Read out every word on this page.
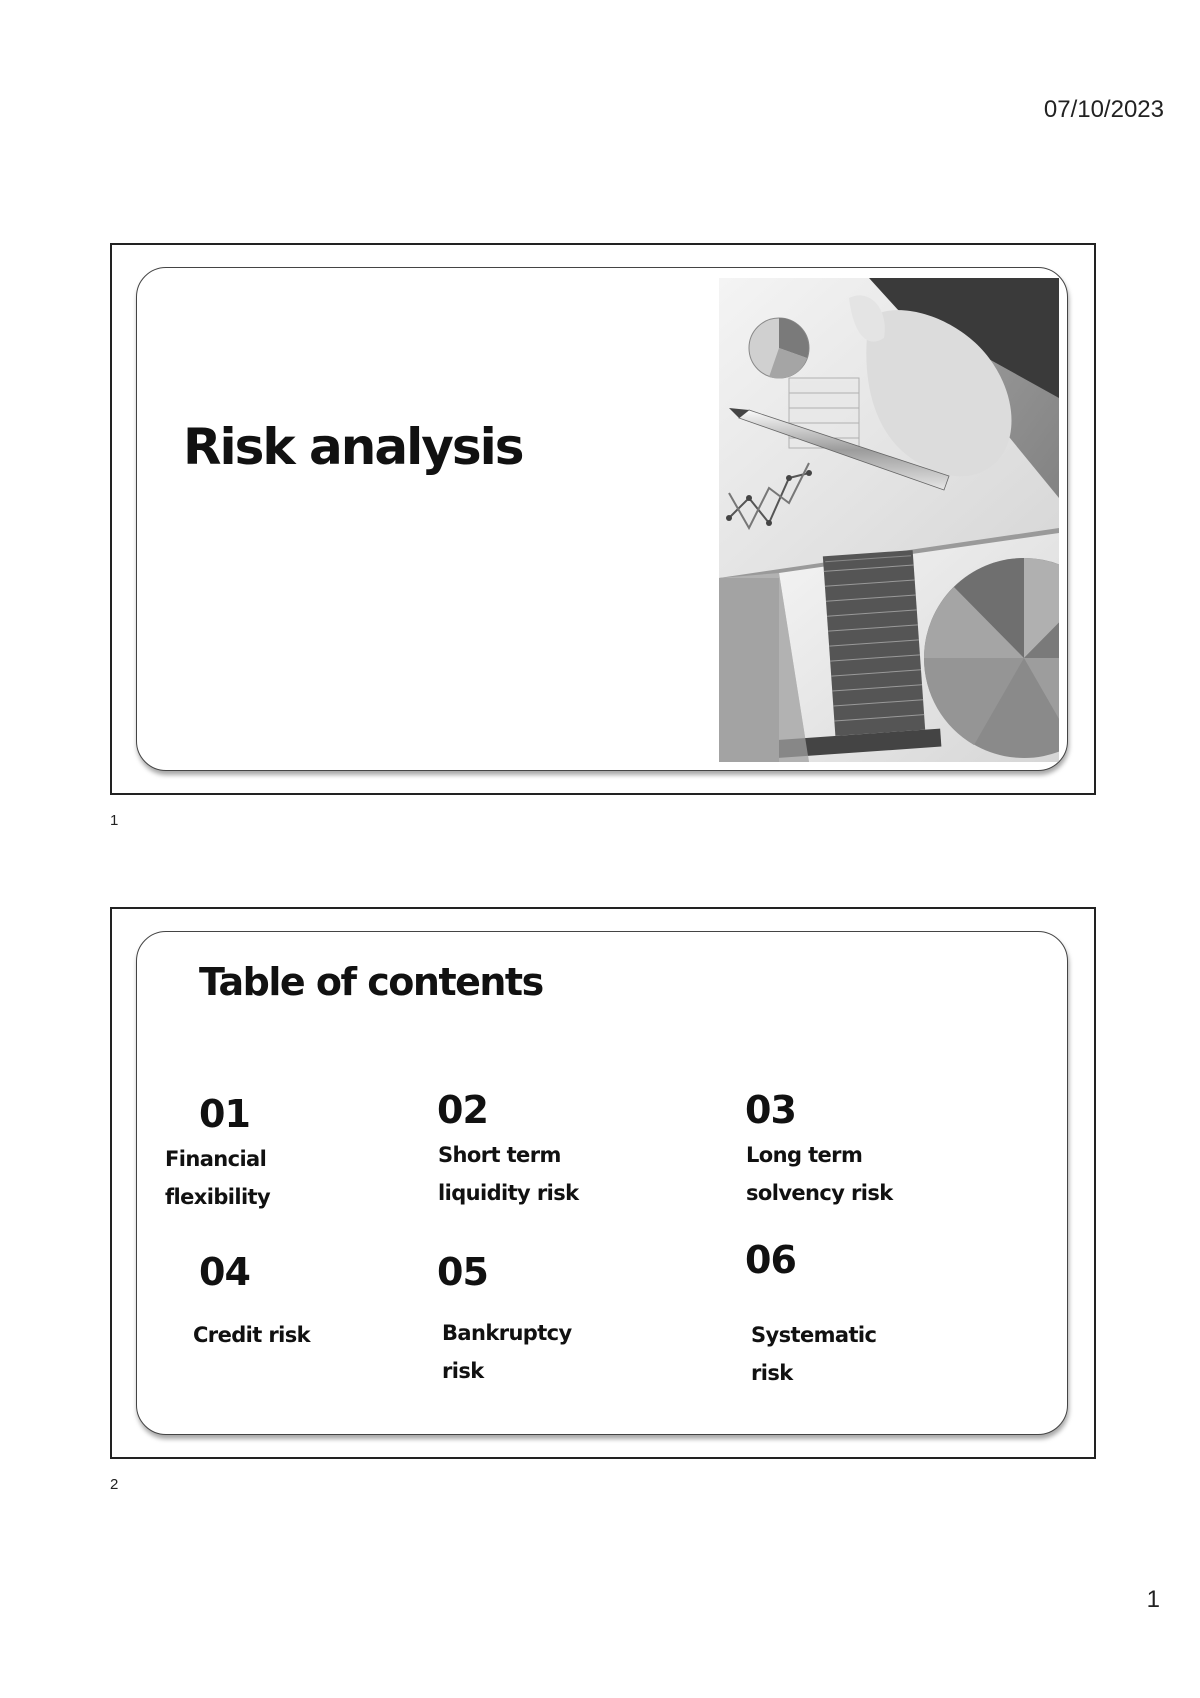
07/10/2023
Risk analysis
1
Table of contents
01
Financial flexibility
02
Short term liquidity risk
03
Long term solvency risk
04
Credit risk
05
Bankruptcy risk
06
Systematic risk
2
1
